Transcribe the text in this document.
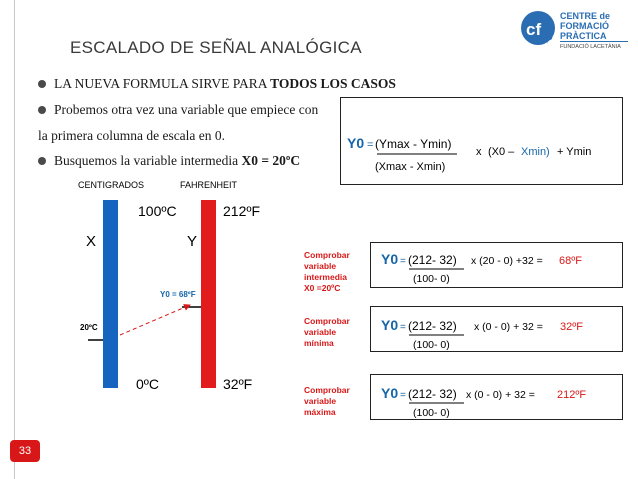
ESCALADO DE SEÑAL ANALÓGICA
cf p
CENTRE de
FORMACIÓ
PRÀCTICA
FUNDACIÓ LACETÀNIA
LA NUEVA FORMULA SIRVE PARA TODOS LOS CASOS
Probemos otra vez una variable que empiece con
la primera columna de escala en 0.
Busquemos la variable intermedia X0 = 20ºC
Y0 = (Ymax - Ymin)
(Xmax - Xmin)
x (X0 – Xmin) + Ymin
CENTIGRADOS	FAHRENHEIT
100ºC	212ºF
X	Y
Y0 = 68ºF
20ºC
0ºC	32ºF
Comprobar
variable
intermedia
X0 =20ºC
Comprobar
variable
mínima
Comprobar
variable
máxima
Y0 = (212- 32)
(100- 0)
x (20 - 0) +32 = 68ºF
Y0 = (212- 32)
(100- 0)
x (0 - 0) + 32 = 32ºF
Y0 = (212- 32)
(100- 0)
x (0 - 0) + 32 = 212ºF
33
